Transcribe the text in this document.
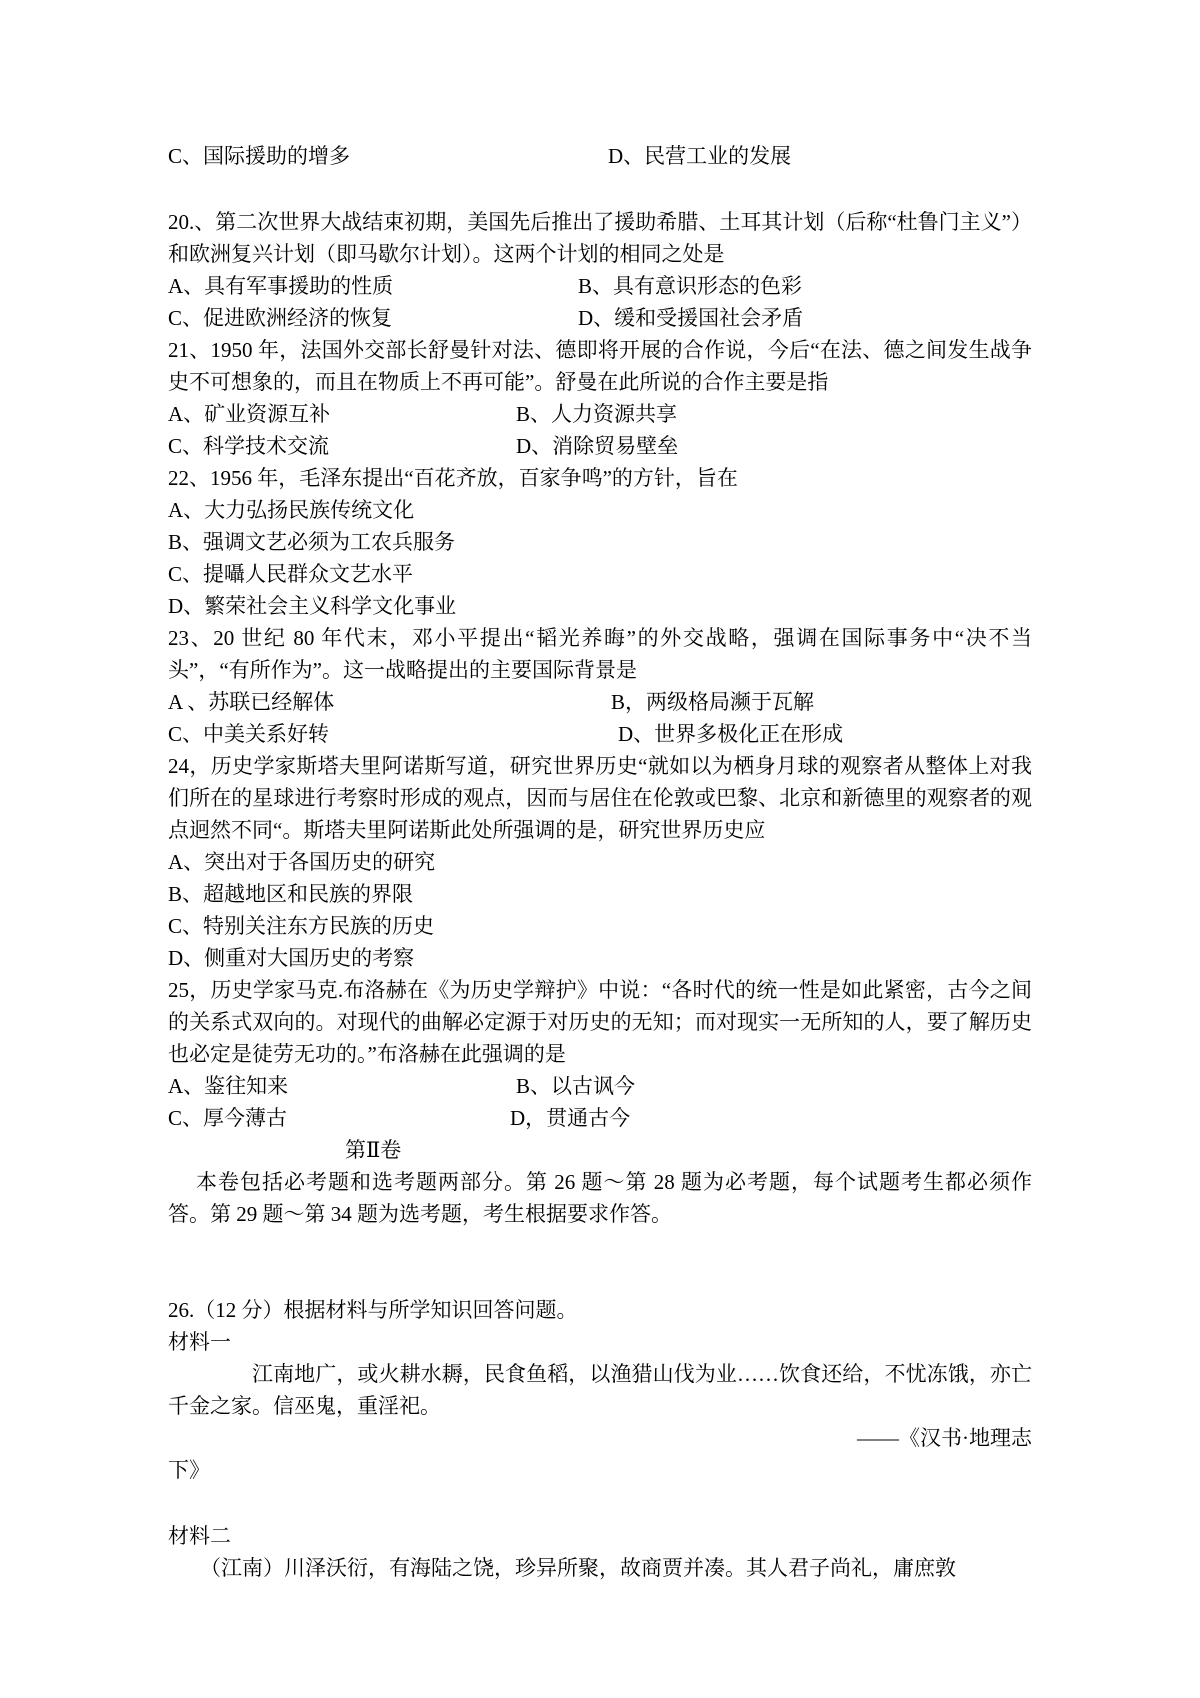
C、国际援助的增多	D、民营工业的发展
20.、第二次世界大战结束初期，美国先后推出了援助希腊、土耳其计划（后称“杜鲁门主义”）和欧洲复兴计划（即马歇尔计划）。这两个计划的相同之处是
A、具有军事援助的性质	B、具有意识形态的色彩
C、促进欧洲经济的恢复	D、缓和受援国社会矛盾
21、1950 年，法国外交部长舒曼针对法、德即将开展的合作说，今后“在法、德之间发生战争史不可想象的，而且在物质上不再可能”。舒曼在此所说的合作主要是指
A、矿业资源互补	B、人力资源共享
C、科学技术交流	D、消除贸易壁垒
22、1956 年，毛泽东提出“百花齐放，百家争鸣”的方针，旨在
A、大力弘扬民族传统文化
B、强调文艺必须为工农兵服务
C、提囁人民群众文艺水平
D、繁荣社会主义科学文化事业
23、20 世纪 80 年代末，邓小平提出“韬光养晦”的外交战略，强调在国际事务中“决不当头”，“有所作为”。这一战略提出的主要国际背景是
A 、苏联已经解体	B，两级格局濒于瓦解
C、中美关系好转	D、世界多极化正在形成
24，历史学家斯塔夫里阿诺斯写道，研究世界历史“就如以为栖身月球的观察者从整体上对我们所在的星球进行考察时形成的观点，因而与居住在伦敦或巴黎、北京和新德里的观察者的观点迥然不同“。斯塔夫里阿诺斯此处所强调的是，研究世界历史应
A、突出对于各国历史的研究
B、超越地区和民族的界限
C、特别关注东方民族的历史
D、侧重对大国历史的考察
25，历史学家马克.布洛赫在《为历史学辩护》中说：“各时代的统一性是如此紧密，古今之间的关系式双向的。对现代的曲解必定源于对历史的无知；而对现实一无所知的人，要了解历史也必定是徒劳无功的。”布洛赫在此强调的是
A、鉴往知来	B、以古讽今
C、厚今薄古	D，贯通古今
第Ⅱ卷
本卷包括必考题和选考题两部分。第 26 题～第 28 题为必考题，每个试题考生都必须作答。第 29 题～第 34 题为选考题，考生根据要求作答。
26.（12 分）根据材料与所学知识回答问题。
材料一
江南地广，或火耕水耨，民食鱼稻，以渔猎山伐为业……饮食还给，不忧冻饿，亦亡千金之家。信巫鬼，重淫祀。
——《汉书·地理志
下》
材料二
（江南）川泽沃衍，有海陆之饶，珍异所聚，故商贾并凑。其人君子尚礼，庸庶敦
